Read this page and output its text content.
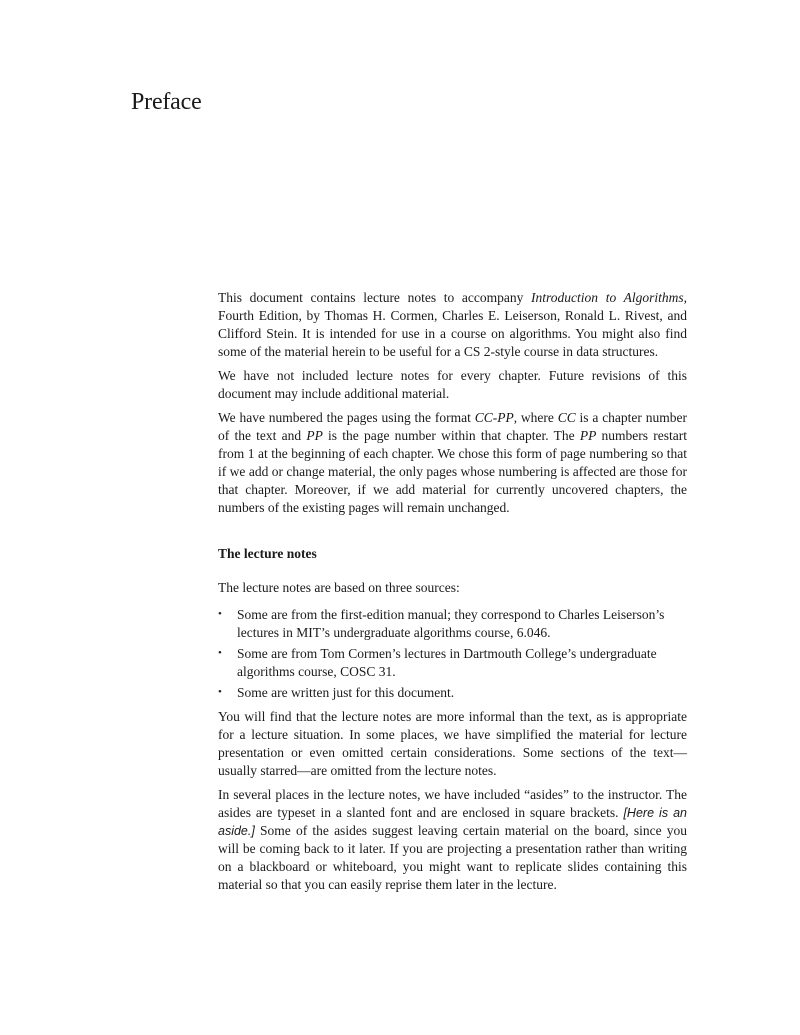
Preface

This document contains lecture notes to accompany Introduction to Algorithms, Fourth Edition, by Thomas H. Cormen, Charles E. Leiserson, Ronald L. Rivest, and Clifford Stein. It is intended for use in a course on algorithms. You might also find some of the material herein to be useful for a CS 2-style course in data structures.

We have not included lecture notes for every chapter. Future revisions of this document may include additional material.

We have numbered the pages using the format CC-PP, where CC is a chapter number of the text and PP is the page number within that chapter. The PP numbers restart from 1 at the beginning of each chapter. We chose this form of page numbering so that if we add or change material, the only pages whose numbering is affected are those for that chapter. Moreover, if we add material for currently uncovered chapters, the numbers of the existing pages will remain unchanged.

The lecture notes

The lecture notes are based on three sources:

• Some are from the first-edition manual; they correspond to Charles Leiserson’s lectures in MIT’s undergraduate algorithms course, 6.046.
• Some are from Tom Cormen’s lectures in Dartmouth College’s undergraduate algorithms course, COSC 31.
• Some are written just for this document.

You will find that the lecture notes are more informal than the text, as is appropriate for a lecture situation. In some places, we have simplified the material for lecture presentation or even omitted certain considerations. Some sections of the text—usually starred—are omitted from the lecture notes.

In several places in the lecture notes, we have included “asides” to the instructor. The asides are typeset in a slanted font and are enclosed in square brackets. [Here is an aside.] Some of the asides suggest leaving certain material on the board, since you will be coming back to it later. If you are projecting a presentation rather than writing on a blackboard or whiteboard, you might want to replicate slides containing this material so that you can easily reprise them later in the lecture.
